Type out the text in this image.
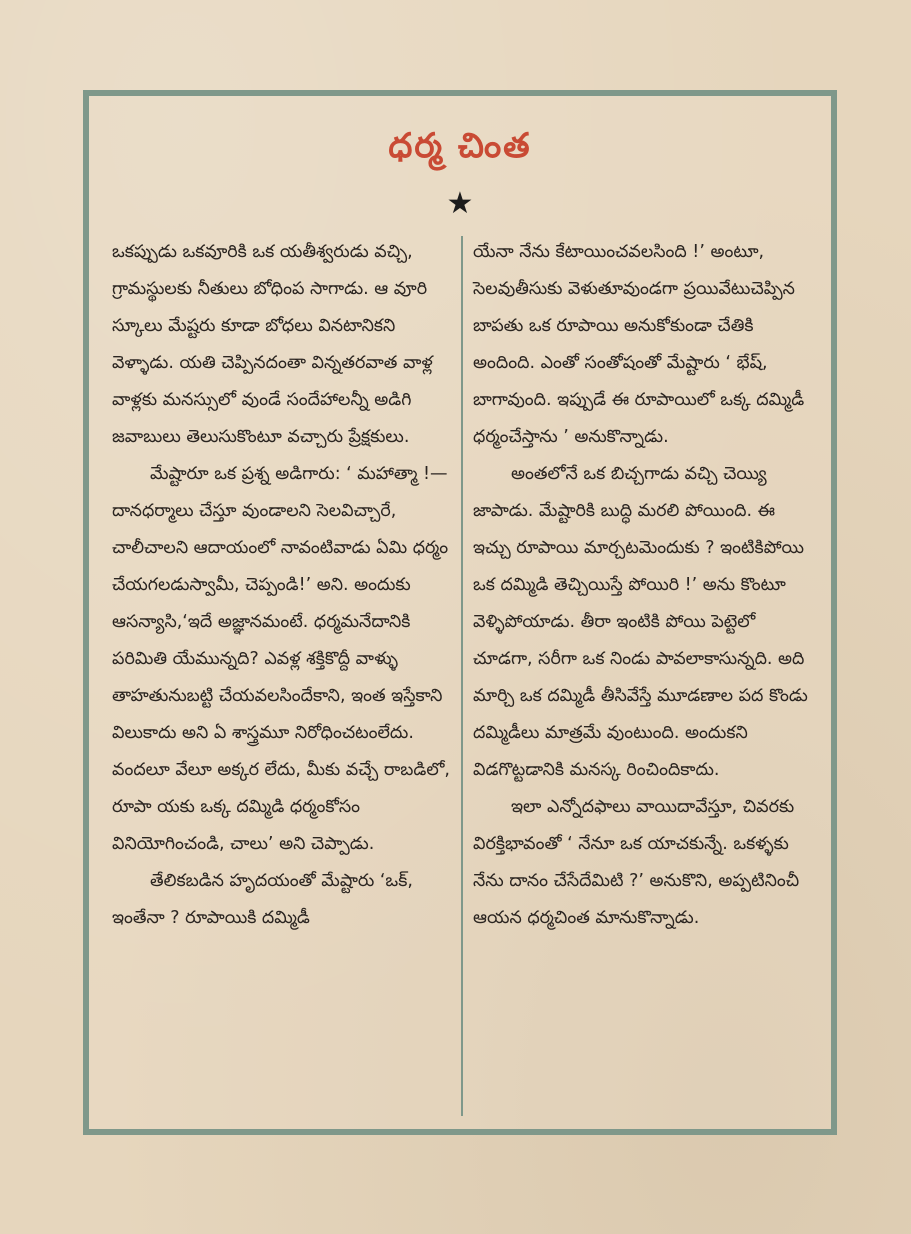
ధర్మ చింత
★

ఒకప్పుడు ఒకవూరికి ఒక యతీశ్వరుడు వచ్చి, గ్రామస్థులకు నీతులు బోధింప సాగాడు. ఆ వూరి స్కూలు మేష్టరు కూడా బోధలు వినటానికని వెళ్ళాడు. యతి చెప్పినదంతా విన్నతరవాత వాళ్ల వాళ్లకు మనస్సులో వుండే సందేహాలన్నీ అడిగి జవాబులు తెలుసుకొంటూ వచ్చారు ప్రేక్షకులు.

మేష్టారూ ఒక ప్రశ్న అడిగారు: ‘ మహాత్మా !—దానధర్మాలు చేస్తూ వుండాలని సెలవిచ్చారే, చాలీచాలని ఆదాయంలో నావంటివాడు ఏమి ధర్మం చేయగలడుస్వామీ, చెప్పండి!’ అని. అందుకు ఆసన్యాసి,‘ఇదే అజ్ఞానమంటే. ధర్మమనేదానికి పరిమితి యేమున్నది? ఎవళ్ల శక్తికొద్దీ వాళ్ళు తాహతునుబట్టి చేయవలసిందేకాని, ఇంత ఇస్తేకాని విలుకాదు అని ఏ శాస్త్రమూ నిరోధించటంలేదు. వందలూ వేలూ అక్కర లేదు, మీకు వచ్చే రాబడిలో, రూపా యకు ఒక్క దమ్మిడి ధర్మంకోసం వినియోగించండి, చాలు’ అని చెప్పాడు.

తేలికబడిన హృదయంతో మేష్టారు ‘ఒక్, ఇంతేనా ? రూపాయికి దమ్మిడీ

యేనా నేను కేటాయించవలసింది !’ అంటూ, సెలవుతీసుకు వెళుతూవుండగా ప్రయివేటుచెప్పిన బాపతు ఒక రూపాయి అనుకోకుండా చేతికి అందింది. ఎంతో సంతోషంతో మేష్టారు ‘ భేష్, బాగావుంది. ఇప్పుడే ఈ రూపాయిలో ఒక్క దమ్మిడీ ధర్మంచేస్తాను ’ అనుకొన్నాడు.

అంతలోనే ఒక బిచ్చగాడు వచ్చి చెయ్యి జాపాడు. మేష్టారికి బుద్ధి మరలి పోయింది. ఈ ఇచ్చు రూపాయి మార్చటమెందుకు ? ఇంటికిపోయి ఒక దమ్మిడి తెచ్చియిస్తే పోయిరి !’ అను కొంటూ వెళ్ళిపోయాడు. తీరా ఇంటికి పోయి పెట్టెలో చూడగా, సరీగా ఒక నిండు పావలాకాసున్నది. అది మార్చి ఒక దమ్మిడీ తీసివేస్తే మూడణాల పద కొండు దమ్మిడీలు మాత్రమే వుంటుంది. అందుకని విడగొట్టడానికి మనస్క రించిందికాదు.

ఇలా ఎన్నోదఫాలు వాయిదావేస్తూ, చివరకు విరక్తిభావంతో ‘ నేనూ ఒక యాచకున్నే. ఒకళ్ళకు నేను దానం చేసేదేమిటి ?’ అనుకొని, అప్పటినించీ ఆయన ధర్మచింత మానుకొన్నాడు.
